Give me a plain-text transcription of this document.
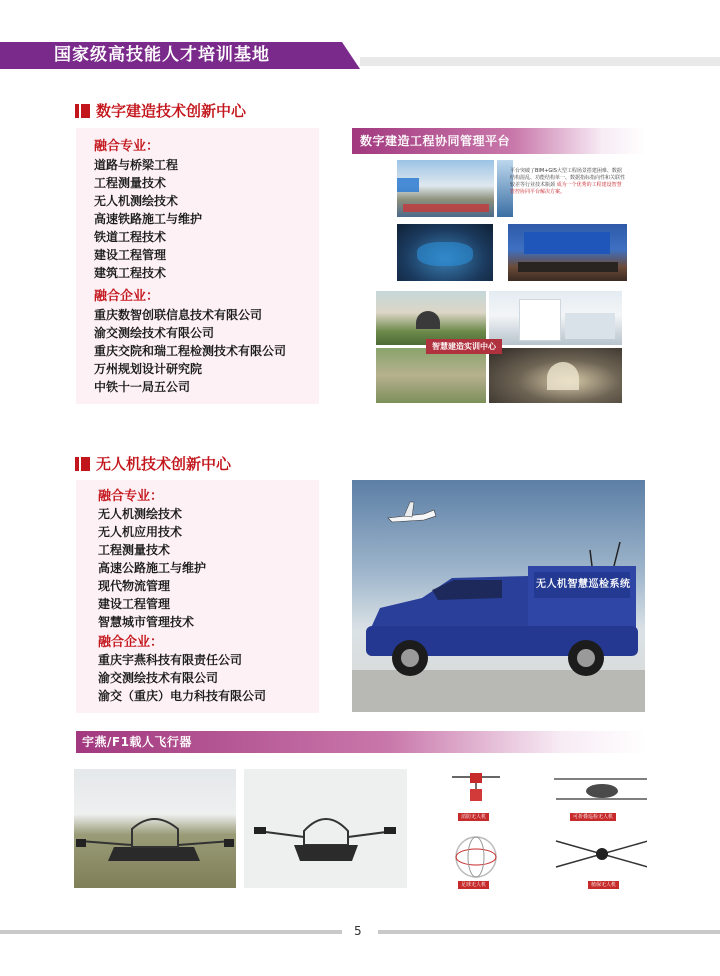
国家级高技能人才培训基地
数字建造技术创新中心
融合专业：
道路与桥梁工程
工程测量技术
无人机测绘技术
高速铁路施工与维护
铁道工程技术
建设工程管理
建筑工程技术
融合企业：
重庆数智创联信息技术有限公司
渝交测绘技术有限公司
重庆交院和瑞工程检测技术有限公司
万州规划设计研究院
中铁十一局五公司
数字建造工程协同管理平台
平台突破了BIM+GIS大型工程场景搭建困难、数据结构混乱、功能结构单一、数据指标指向性和关联性较差等行业技术瓶颈 成为一个优秀的工程建设智慧管控协同平台解决方案。
智慧建造实训中心
无人机技术创新中心
融合专业：
无人机测绘技术
无人机应用技术
工程测量技术
高速公路施工与维护
现代物流管理
建设工程管理
智慧城市管理技术
融合企业：
重庆宇燕科技有限责任公司
渝交测绘技术有限公司
渝交（重庆）电力科技有限公司
无人机智慧巡检系统
宇燕/F1载人飞行器
消防无人机	可折叠巡检无人机
足球无人机	植保无人机
5
